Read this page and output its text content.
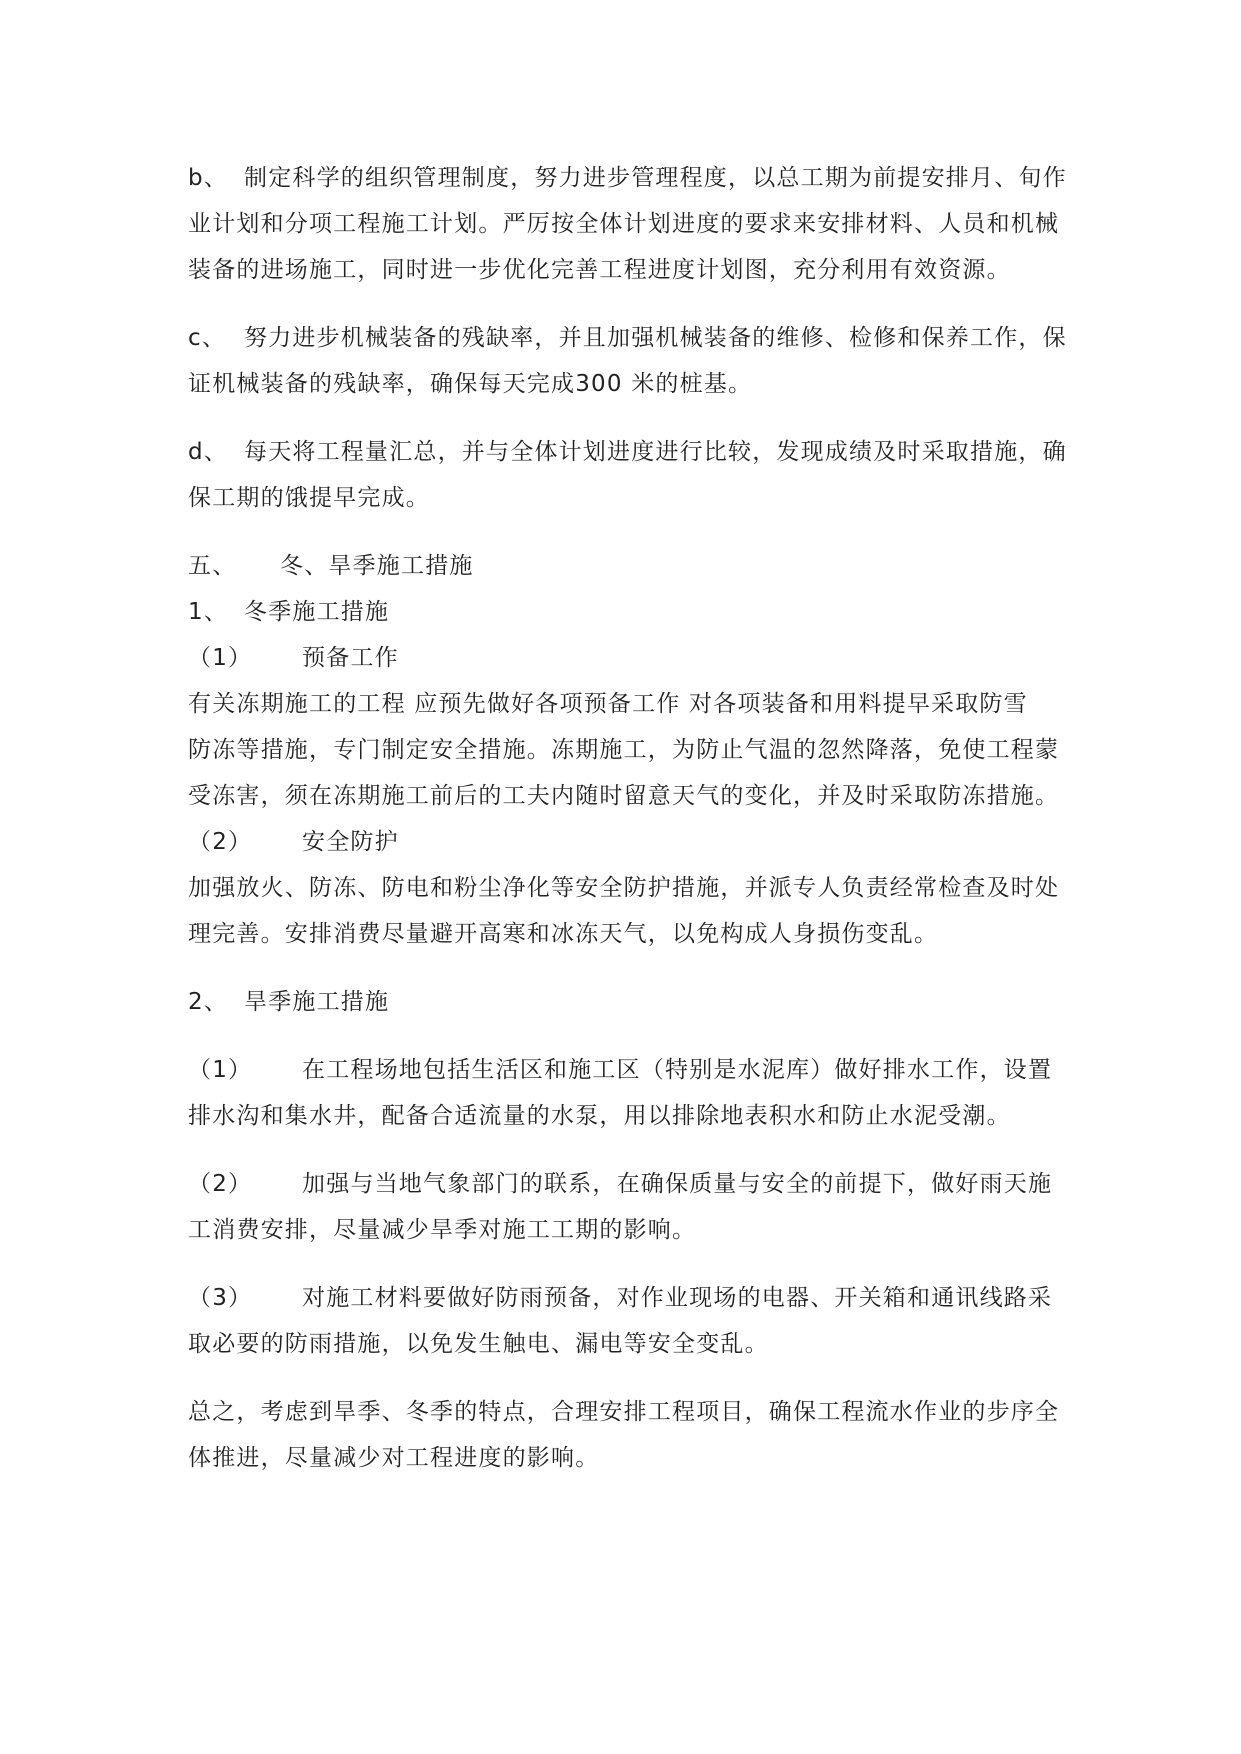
b、 制定科学的组织管理制度，努力进步管理程度，以总工期为前提安排月、旬作
业计划和分项工程施工计划。严厉按全体计划进度的要求来安排材料、人员和机械
装备的进场施工，同时进一步优化完善工程进度计划图，充分利用有效资源。
c、 努力进步机械装备的残缺率，并且加强机械装备的维修、检修和保养工作，保
证机械装备的残缺率，确保每天完成300 米的桩基。
d、 每天将工程量汇总，并与全体计划进度进行比较，发现成绩及时采取措施，确
保工期的饿提早完成。
五、 冬、旱季施工措施
1、 冬季施工措施
（1） 预备工作
有关冻期施工的工程 应预先做好各项预备工作 对各项装备和用料提早采取防雪
防冻等措施，专门制定安全措施。冻期施工，为防止气温的忽然降落，免使工程蒙
受冻害，须在冻期施工前后的工夫内随时留意天气的变化，并及时采取防冻措施。
（2） 安全防护
加强放火、防冻、防电和粉尘净化等安全防护措施，并派专人负责经常检查及时处
理完善。安排消费尽量避开高寒和冰冻天气，以免构成人身损伤变乱。
2、 旱季施工措施
（1） 在工程场地包括生活区和施工区（特别是水泥库）做好排水工作，设置
排水沟和集水井，配备合适流量的水泵，用以排除地表积水和防止水泥受潮。
（2） 加强与当地气象部门的联系，在确保质量与安全的前提下，做好雨天施
工消费安排，尽量减少旱季对施工工期的影响。
（3） 对施工材料要做好防雨预备，对作业现场的电器、开关箱和通讯线路采
取必要的防雨措施，以免发生触电、漏电等安全变乱。
总之，考虑到旱季、冬季的特点，合理安排工程项目，确保工程流水作业的步序全
体推进，尽量减少对工程进度的影响。
